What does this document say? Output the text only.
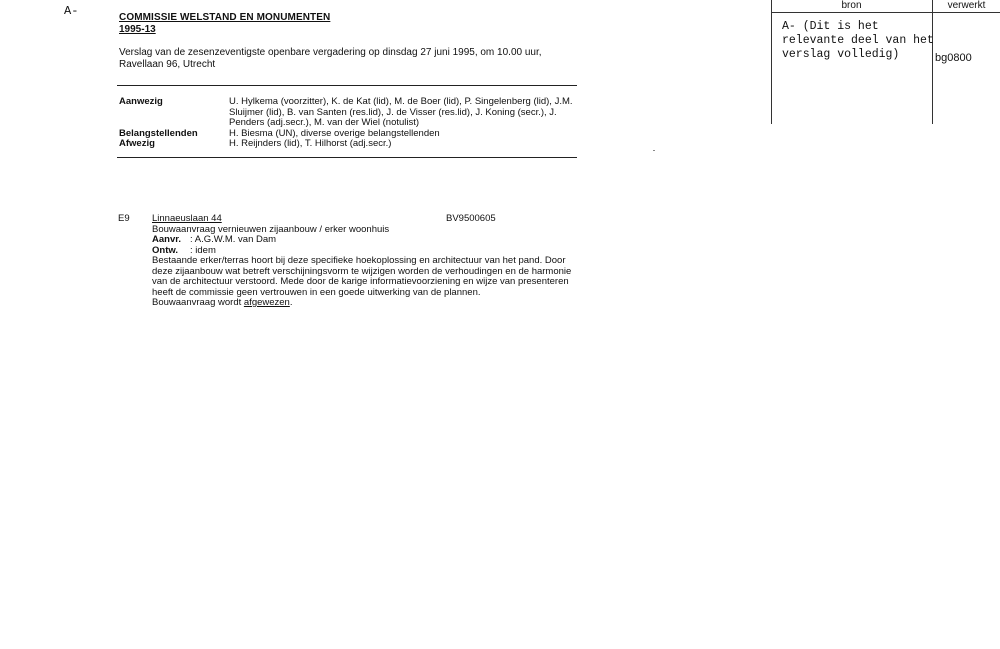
A-	COMMISSIE WELSTAND EN MONUMENTEN
1995-13
Verslag van de zesenzeventigste openbare vergadering op dinsdag 27 juni 1995, om 10.00 uur,
Ravellaan 96, Utrecht
Aanwezig	U. Hylkema (voorzitter), K. de Kat (lid), M. de Boer (lid), P. Singelenberg (lid), J.M. Sluijmer (lid), B. van Santen (res.lid), J. de Visser (res.lid), J. Koning (secr.), J. Penders (adj.secr.), M. van der Wiel (notulist)
Belangstellenden	H. Biesma (UN), diverse overige belangstellenden
Afwezig	H. Reijnders (lid), T. Hilhorst (adj.secr.)
E9	Linnaeuslaan 44	BV9500605
Bouwaanvraag vernieuwen zijaanbouw / erker woonhuis
Aanvr. : A.G.W.M. van Dam
Ontw. : idem
Bestaande erker/terras hoort bij deze specifieke hoekoplossing en architectuur van het pand. Door deze zijaanbouw wat betreft verschijningsvorm te wijzigen worden de verhoudingen en de harmonie van de architectuur verstoord. Mede door de karige informatievoorziening en wijze van presenteren heeft de commissie geen vertrouwen in een goede uitwerking van de plannen.
Bouwaanvraag wordt afgewezen.
bron	verwerkt
A- (Dit is het relevante deel van het verslag volledig)	bg0800
